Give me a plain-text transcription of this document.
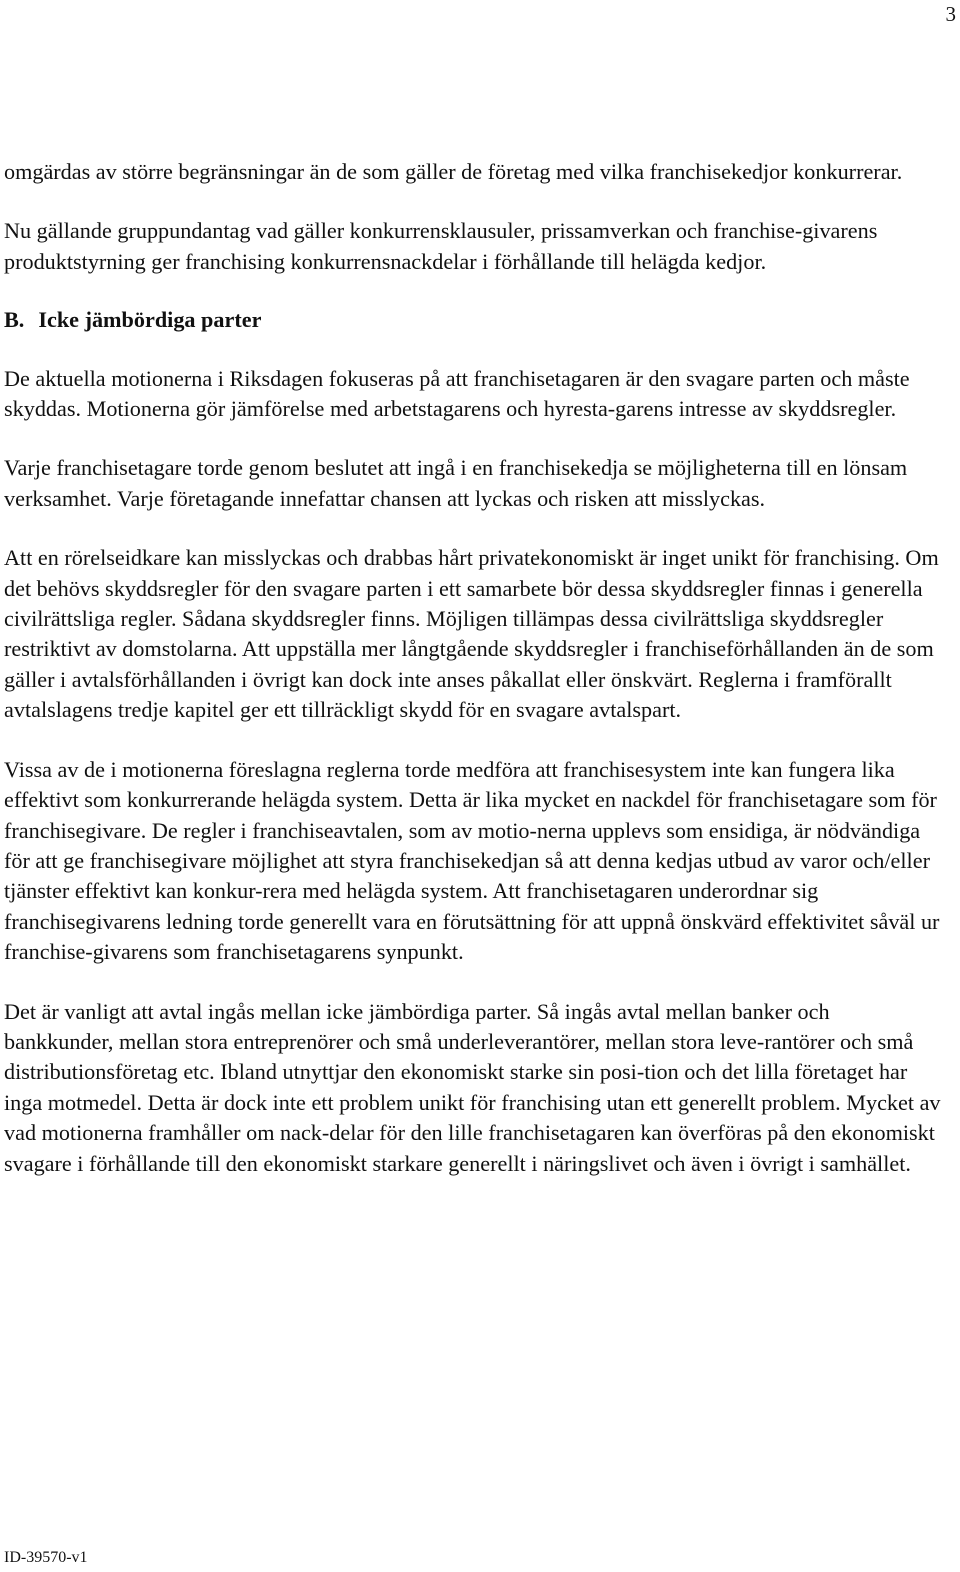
3

omgärdas av större begränsningar än de som gäller de företag med vilka franchisekedjor konkurrerar.

Nu gällande gruppundantag vad gäller konkurrensklausuler, prissamverkan och franchise-givarens produktstyrning ger franchising konkurrensnackdelar i förhållande till helägda kedjor.

B. Icke jämbördiga parter

De aktuella motionerna i Riksdagen fokuseras på att franchisetagaren är den svagare parten och måste skyddas. Motionerna gör jämförelse med arbetstagarens och hyresta-garens intresse av skyddsregler.

Varje franchisetagare torde genom beslutet att ingå i en franchisekedja se möjligheterna till en lönsam verksamhet. Varje företagande innefattar chansen att lyckas och risken att misslyckas.

Att en rörelseidkare kan misslyckas och drabbas hårt privatekonomiskt är inget unikt för franchising. Om det behövs skyddsregler för den svagare parten i ett samarbete bör dessa skyddsregler finnas i generella civilrättsliga regler. Sådana skyddsregler finns. Möjligen tillämpas dessa civilrättsliga skyddsregler restriktivt av domstolarna. Att uppställa mer långtgående skyddsregler i franchiseförhållanden än de som gäller i avtalsförhållanden i övrigt kan dock inte anses påkallat eller önskvärt. Reglerna i framförallt avtalslagens tredje kapitel ger ett tillräckligt skydd för en svagare avtalspart.

Vissa av de i motionerna föreslagna reglerna torde medföra att franchisesystem inte kan fungera lika effektivt som konkurrerande helägda system. Detta är lika mycket en nackdel för franchisetagare som för franchisegivare. De regler i franchiseavtalen, som av motio-nerna upplevs som ensidiga, är nödvändiga för att ge franchisegivare möjlighet att styra franchisekedjan så att denna kedjas utbud av varor och/eller tjänster effektivt kan konkur-rera med helägda system. Att franchisetagaren underordnar sig franchisegivarens ledning torde generellt vara en förutsättning för att uppnå önskvärd effektivitet såväl ur franchise-givarens som franchisetagarens synpunkt.

Det är vanligt att avtal ingås mellan icke jämbördiga parter. Så ingås avtal mellan banker och bankkunder, mellan stora entreprenörer och små underleverantörer, mellan stora leve-rantörer och små distributionsföretag etc. Ibland utnyttjar den ekonomiskt starke sin posi-tion och det lilla företaget har inga motmedel. Detta är dock inte ett problem unikt för franchising utan ett generellt problem. Mycket av vad motionerna framhåller om nack-delar för den lille franchisetagaren kan överföras på den ekonomiskt svagare i förhållande till den ekonomiskt starkare generellt i näringslivet och även i övrigt i samhället.

ID-39570-v1
